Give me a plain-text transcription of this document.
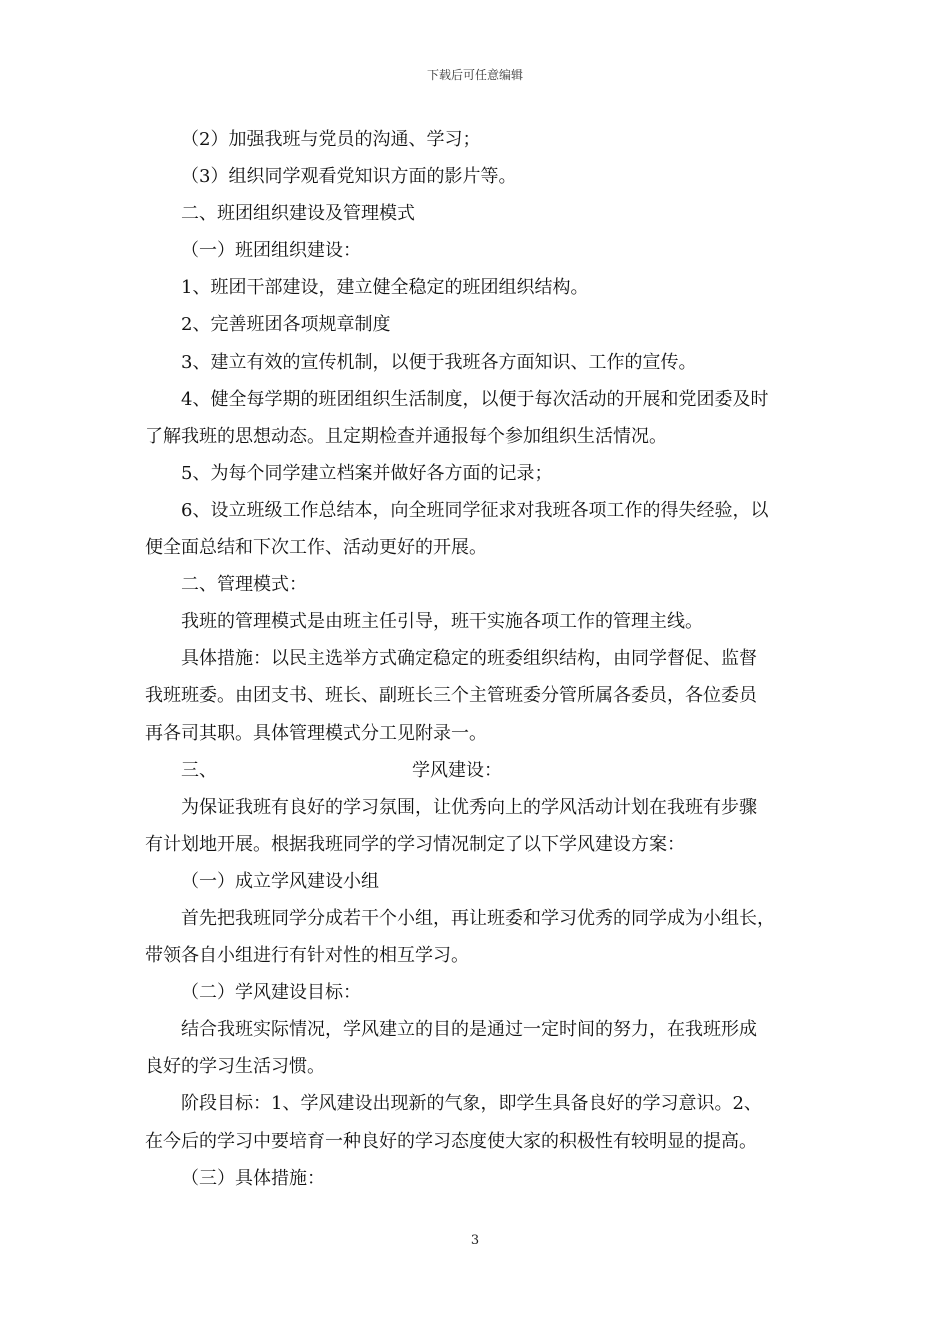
下载后可任意编辑

（2）加强我班与党员的沟通、学习；

（3）组织同学观看党知识方面的影片等。

二、班团组织建设及管理模式

（一）班团组织建设：

1、班团干部建设，建立健全稳定的班团组织结构。

2、完善班团各项规章制度

3、建立有效的宣传机制，以便于我班各方面知识、工作的宣传。

4、健全每学期的班团组织生活制度，以便于每次活动的开展和党团委及时

了解我班的思想动态。且定期检查并通报每个参加组织生活情况。

5、为每个同学建立档案并做好各方面的记录；

6、设立班级工作总结本，向全班同学征求对我班各项工作的得失经验，以

便全面总结和下次工作、活动更好的开展。

二、管理模式：

我班的管理模式是由班主任引导，班干实施各项工作的管理主线。

具体措施：以民主选举方式确定稳定的班委组织结构，由同学督促、监督

我班班委。由团支书、班长、副班长三个主管班委分管所属各委员，各位委员

再各司其职。具体管理模式分工见附录一。

三、	学风建设：

为保证我班有良好的学习氛围，让优秀向上的学风活动计划在我班有步骤

有计划地开展。根据我班同学的学习情况制定了以下学风建设方案：

（一）成立学风建设小组

首先把我班同学分成若干个小组，再让班委和学习优秀的同学成为小组长，

带领各自小组进行有针对性的相互学习。

（二）学风建设目标：

结合我班实际情况，学风建立的目的是通过一定时间的努力，在我班形成

良好的学习生活习惯。

阶段目标：1、学风建设出现新的气象，即学生具备良好的学习意识。2、

在今后的学习中要培育一种良好的学习态度使大家的积极性有较明显的提高。

（三）具体措施：

3
